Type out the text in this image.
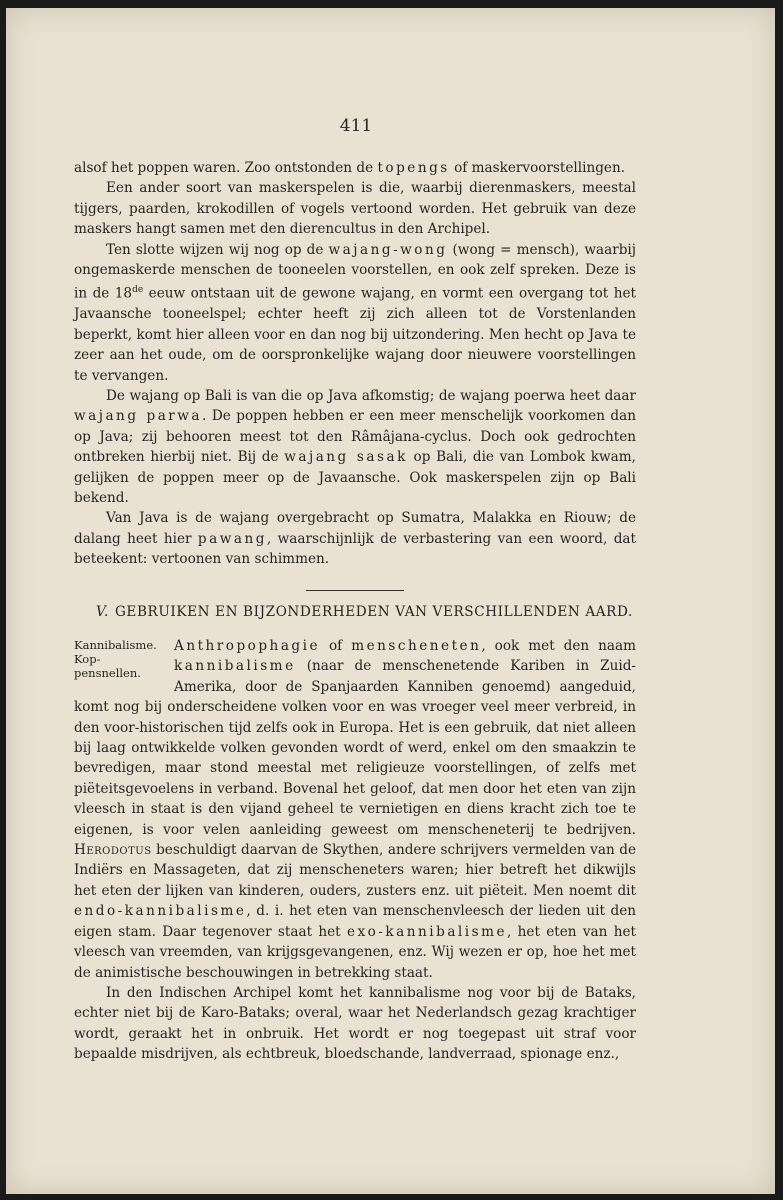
411

alsof het poppen waren. Zoo ontstonden de topengs of maskervoorstellingen.

Een ander soort van maskerspelen is die, waarbij dierenmaskers, meestal tijgers, paarden, krokodillen of vogels vertoond worden. Het gebruik van deze maskers hangt samen met den dierencultus in den Archipel.

Ten slotte wijzen wij nog op de wajang-wong (wong = mensch), waarbij ongemaskerde menschen de tooneelen voorstellen, en ook zelf spreken. Deze is in de 18de eeuw ontstaan uit de gewone wajang, en vormt een overgang tot het Javaansche tooneelspel; echter heeft zij zich alleen tot de Vorstenlanden beperkt, komt hier alleen voor en dan nog bij uitzondering. Men hecht op Java te zeer aan het oude, om de oorspronkelijke wajang door nieuwere voorstellingen te vervangen.

De wajang op Bali is van die op Java afkomstig; de wajang poerwa heet daar wajang parwa. De poppen hebben er een meer menschelijk voorkomen dan op Java; zij behooren meest tot den Râmâjana-cyclus. Doch ook gedrochten ontbreken hierbij niet. Bij de wajang sasak op Bali, die van Lombok kwam, gelijken de poppen meer op de Javaansche. Ook maskerspelen zijn op Bali bekend.

Van Java is de wajang overgebracht op Sumatra, Malakka en Riouw; de dalang heet hier pawang, waarschijnlijk de verbastering van een woord, dat beteekent: vertoonen van schimmen.

V. GEBRUIKEN EN BIJZONDERHEDEN VAN VERSCHILLENDEN AARD.
Kannibalisme. Koppensnellen.

Anthropophagie of menscheneten, ook met den naam kannibalisme (naar de menschenetende Kariben in Zuid-Amerika, door de Spanjaarden Kanniben genoemd) aangeduid, komt nog bij onderscheidene volken voor en was vroeger veel meer verbreid, in den voor-historischen tijd zelfs ook in Europa. Het is een gebruik, dat niet alleen bij laag ontwikkelde volken gevonden wordt of werd, enkel om den smaakzin te bevredigen, maar stond meestal met religieuze voorstellingen, of zelfs met piëteitsgevoelens in verband. Bovenal het geloof, dat men door het eten van zijn vleesch in staat is den vijand geheel te vernietigen en diens kracht zich toe te eigenen, is voor velen aanleiding geweest om menscheneterij te bedrijven. Herodotus beschuldigt daarvan de Skythen, andere schrijvers vermelden van de Indiërs en Massageten, dat zij menscheneters waren; hier betreft het dikwijls het eten der lijken van kinderen, ouders, zusters enz. uit piëteit. Men noemt dit endo-kannibalisme, d. i. het eten van menschenvleesch der lieden uit den eigen stam. Daar tegenover staat het exo-kannibalisme, het eten van het vleesch van vreemden, van krijgsgevangenen, enz. Wij wezen er op, hoe het met de animistische beschouwingen in betrekking staat.

In den Indischen Archipel komt het kannibalisme nog voor bij de Bataks, echter niet bij de Karo-Bataks; overal, waar het Nederlandsch gezag krachtiger wordt, geraakt het in onbruik. Het wordt er nog toegepast uit straf voor bepaalde misdrijven, als echtbreuk, bloedschande, landverraad, spionage enz.,
